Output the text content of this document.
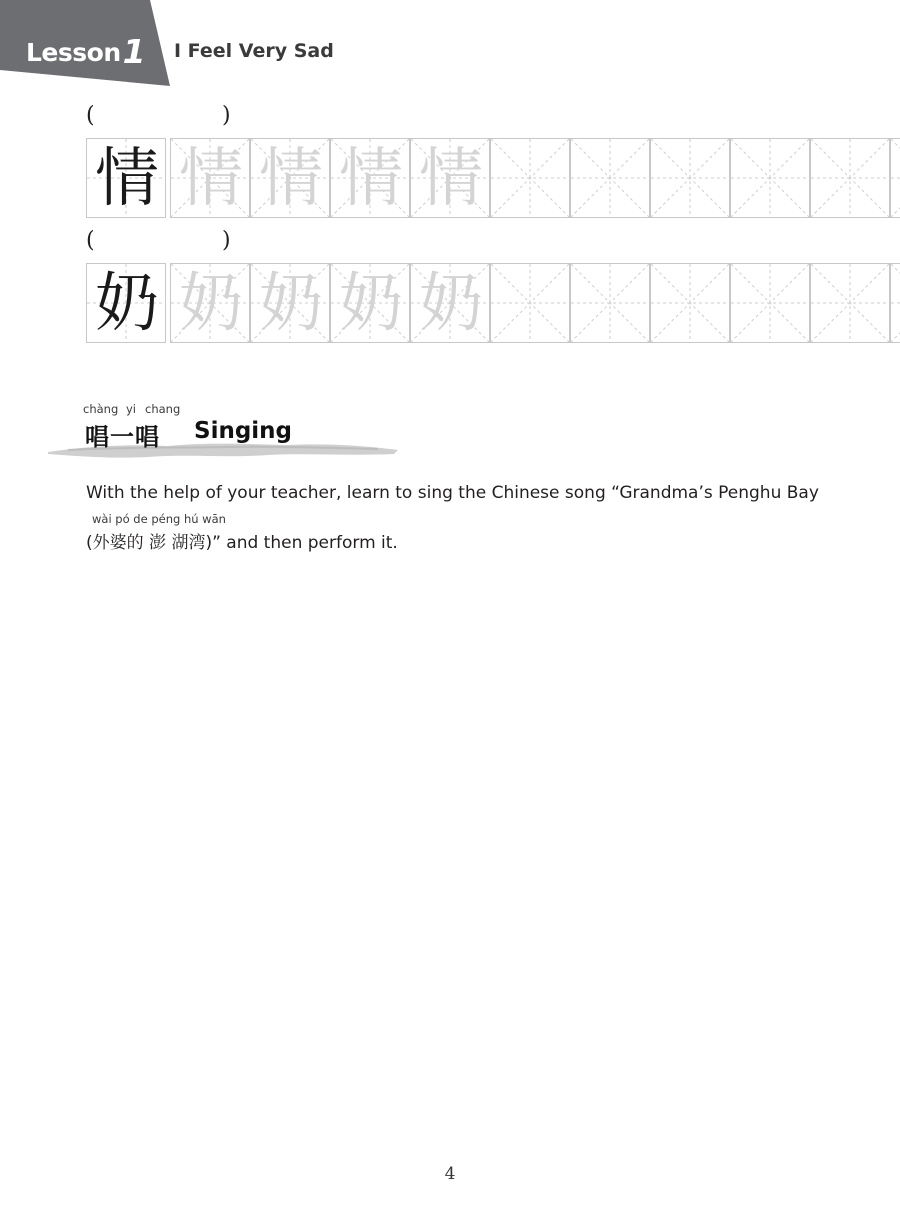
Lesson1 I Feel Very Sad
(	)
情 情 情 情 情
(	)
奶 奶 奶 奶 奶
chàng yi chang
唱一唱 Singing
With the help of your teacher, learn to sing the Chinese song “Grandma’s Penghu Bay
wài pó de péng hú wān
(外婆的 澎 湖湾)” and then perform it.
4
